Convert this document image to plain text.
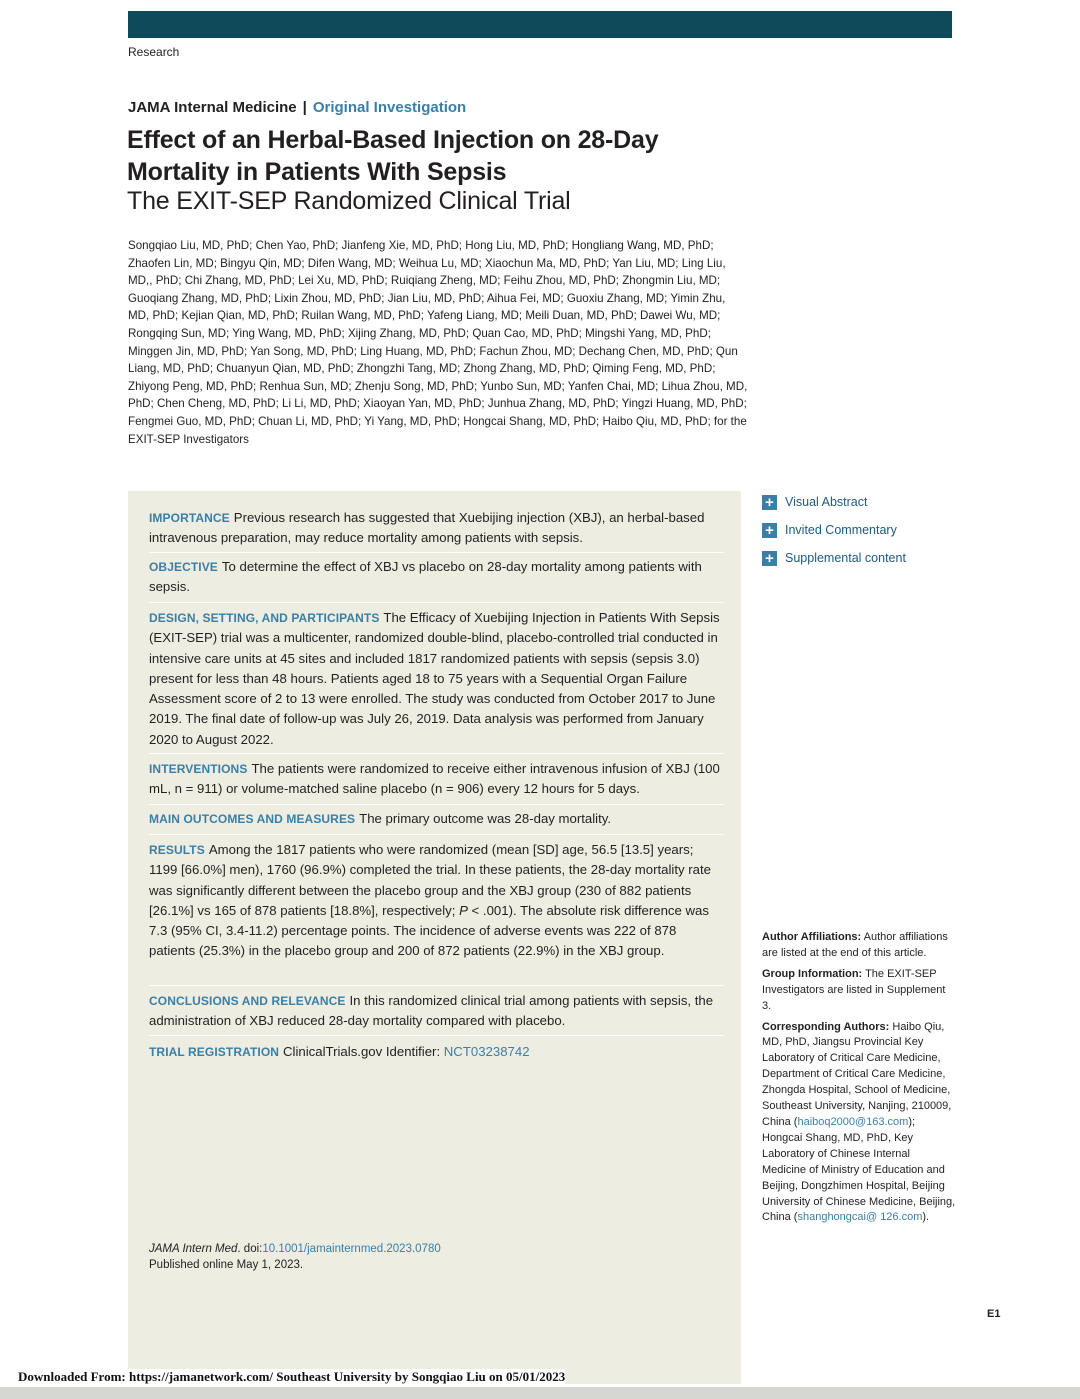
Research
JAMA Internal Medicine | Original Investigation
Effect of an Herbal-Based Injection on 28-Day Mortality in Patients With Sepsis
The EXIT-SEP Randomized Clinical Trial
Songqiao Liu, MD, PhD; Chen Yao, PhD; Jianfeng Xie, MD, PhD; Hong Liu, MD, PhD; Hongliang Wang, MD, PhD; Zhaofen Lin, MD; Bingyu Qin, MD; Difen Wang, MD; Weihua Lu, MD; Xiaochun Ma, MD, PhD; Yan Liu, MD; Ling Liu, MD,, PhD; Chi Zhang, MD, PhD; Lei Xu, MD, PhD; Ruiqiang Zheng, MD; Feihu Zhou, MD, PhD; Zhongmin Liu, MD; Guoqiang Zhang, MD, PhD; Lixin Zhou, MD, PhD; Jian Liu, MD, PhD; Aihua Fei, MD; Guoxiu Zhang, MD; Yimin Zhu, MD, PhD; Kejian Qian, MD, PhD; Ruilan Wang, MD, PhD; Yafeng Liang, MD; Meili Duan, MD, PhD; Dawei Wu, MD; Rongqing Sun, MD; Ying Wang, MD, PhD; Xijing Zhang, MD, PhD; Quan Cao, MD, PhD; Mingshi Yang, MD, PhD; Minggen Jin, MD, PhD; Yan Song, MD, PhD; Ling Huang, MD, PhD; Fachun Zhou, MD; Dechang Chen, MD, PhD; Qun Liang, MD, PhD; Chuanyun Qian, MD, PhD; Zhongzhi Tang, MD; Zhong Zhang, MD, PhD; Qiming Feng, MD, PhD; Zhiyong Peng, MD, PhD; Renhua Sun, MD; Zhenju Song, MD, PhD; Yunbo Sun, MD; Yanfen Chai, MD; Lihua Zhou, MD, PhD; Chen Cheng, MD, PhD; Li Li, MD, PhD; Xiaoyan Yan, MD, PhD; Junhua Zhang, MD, PhD; Yingzi Huang, MD, PhD; Fengmei Guo, MD, PhD; Chuan Li, MD, PhD; Yi Yang, MD, PhD; Hongcai Shang, MD, PhD; Haibo Qiu, MD, PhD; for the EXIT-SEP Investigators
IMPORTANCE Previous research has suggested that Xuebijing injection (XBJ), an herbal-based intravenous preparation, may reduce mortality among patients with sepsis.
OBJECTIVE To determine the effect of XBJ vs placebo on 28-day mortality among patients with sepsis.
DESIGN, SETTING, AND PARTICIPANTS The Efficacy of Xuebijing Injection in Patients With Sepsis (EXIT-SEP) trial was a multicenter, randomized double-blind, placebo-controlled trial conducted in intensive care units at 45 sites and included 1817 randomized patients with sepsis (sepsis 3.0) present for less than 48 hours. Patients aged 18 to 75 years with a Sequential Organ Failure Assessment score of 2 to 13 were enrolled. The study was conducted from October 2017 to June 2019. The final date of follow-up was July 26, 2019. Data analysis was performed from January 2020 to August 2022.
INTERVENTIONS The patients were randomized to receive either intravenous infusion of XBJ (100 mL, n = 911) or volume-matched saline placebo (n = 906) every 12 hours for 5 days.
MAIN OUTCOMES AND MEASURES The primary outcome was 28-day mortality.
RESULTS Among the 1817 patients who were randomized (mean [SD] age, 56.5 [13.5] years; 1199 [66.0%] men), 1760 (96.9%) completed the trial. In these patients, the 28-day mortality rate was significantly different between the placebo group and the XBJ group (230 of 882 patients [26.1%] vs 165 of 878 patients [18.8%], respectively; P < .001). The absolute risk difference was 7.3 (95% CI, 3.4-11.2) percentage points. The incidence of adverse events was 222 of 878 patients (25.3%) in the placebo group and 200 of 872 patients (22.9%) in the XBJ group.
CONCLUSIONS AND RELEVANCE In this randomized clinical trial among patients with sepsis, the administration of XBJ reduced 28-day mortality compared with placebo.
TRIAL REGISTRATION ClinicalTrials.gov Identifier: NCT03238742
JAMA Intern Med. doi:10.1001/jamainternmed.2023.0780
Published online May 1, 2023.
+ Visual Abstract
+ Invited Commentary
+ Supplemental content

Author Affiliations: Author affiliations are listed at the end of this article.

Group Information: The EXIT-SEP Investigators are listed in Supplement 3.

Corresponding Authors: Haibo Qiu, MD, PhD, Jiangsu Provincial Key Laboratory of Critical Care Medicine, Department of Critical Care Medicine, Zhongda Hospital, School of Medicine, Southeast University, Nanjing, 210009, China (haiboq2000@163.com); Hongcai Shang, MD, PhD, Key Laboratory of Chinese Internal Medicine of Ministry of Education and Beijing, Dongzhimen Hospital, Beijing University of Chinese Medicine, Beijing, China (shanghongcai@ 126.com).

E1
Downloaded From: https://jamanetwork.com/ Southeast University by Songqiao Liu on 05/01/2023
